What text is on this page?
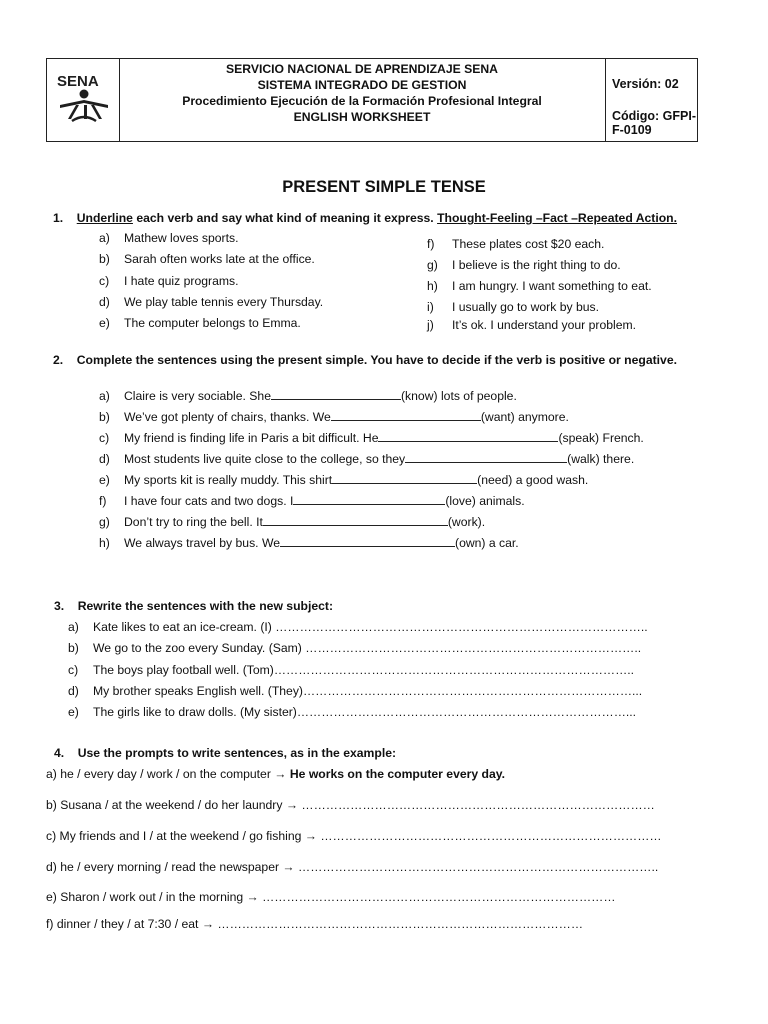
SENA
SERVICIO NACIONAL DE APRENDIZAJE SENA
SISTEMA INTEGRADO DE GESTION
Procedimiento Ejecución de la Formación Profesional Integral
ENGLISH WORKSHEET
Versión: 02
Código: GFPI-F-0109
PRESENT SIMPLE TENSE
1. Underline each verb and say what kind of meaning it express. Thought-Feeling –Fact –Repeated Action.
a) Mathew loves sports.
b) Sarah often works late at the office.
c) I hate quiz programs.
d) We play table tennis every Thursday.
e) The computer belongs to Emma.
f) These plates cost $20 each.
g) I believe is the right thing to do.
h) I am hungry. I want something to eat.
i) I usually go to work by bus.
j) It’s ok. I understand your problem.
2. Complete the sentences using the present simple. You have to decide if the verb is positive or negative.
a) Claire is very sociable. She	(know) lots of people.
b) We’ve got plenty of chairs, thanks. We	(want) anymore.
c) My friend is finding life in Paris a bit difficult. He	(speak) French.
d) Most students live quite close to the college, so they	(walk) there.
e) My sports kit is really muddy. This shirt	(need) a good wash.
f) I have four cats and two dogs. I	(love) animals.
g) Don’t try to ring the bell. It	(work).
h) We always travel by bus. We	(own) a car.
3. Rewrite the sentences with the new subject:
a) Kate likes to eat an ice-cream. (I) ………………………………………………………………………………..
b) We go to the zoo every Sunday. (Sam) ………………………………………………………………………..
c) The boys play football well. (Tom)……………………………………………………………………………..
d) My brother speaks English well. (They)………………………………………………………………………...
e) The girls like to draw dolls. (My sister)………………………………………………………………………...
4. Use the prompts to write sentences, as in the example:
a) he / every day / work / on the computer → He works on the computer every day.
b) Susana / at the weekend / do her laundry → ……………………………………………………………………………
c) My friends and I / at the weekend / go fishing → …………………………………………………………………………
d) he / every morning / read the newspaper → ……………………………………………………………………………..
e) Sharon / work out / in the morning → ……………………………………………………………………………
f) dinner / they / at 7:30 / eat → ………………………………………………………………………………
